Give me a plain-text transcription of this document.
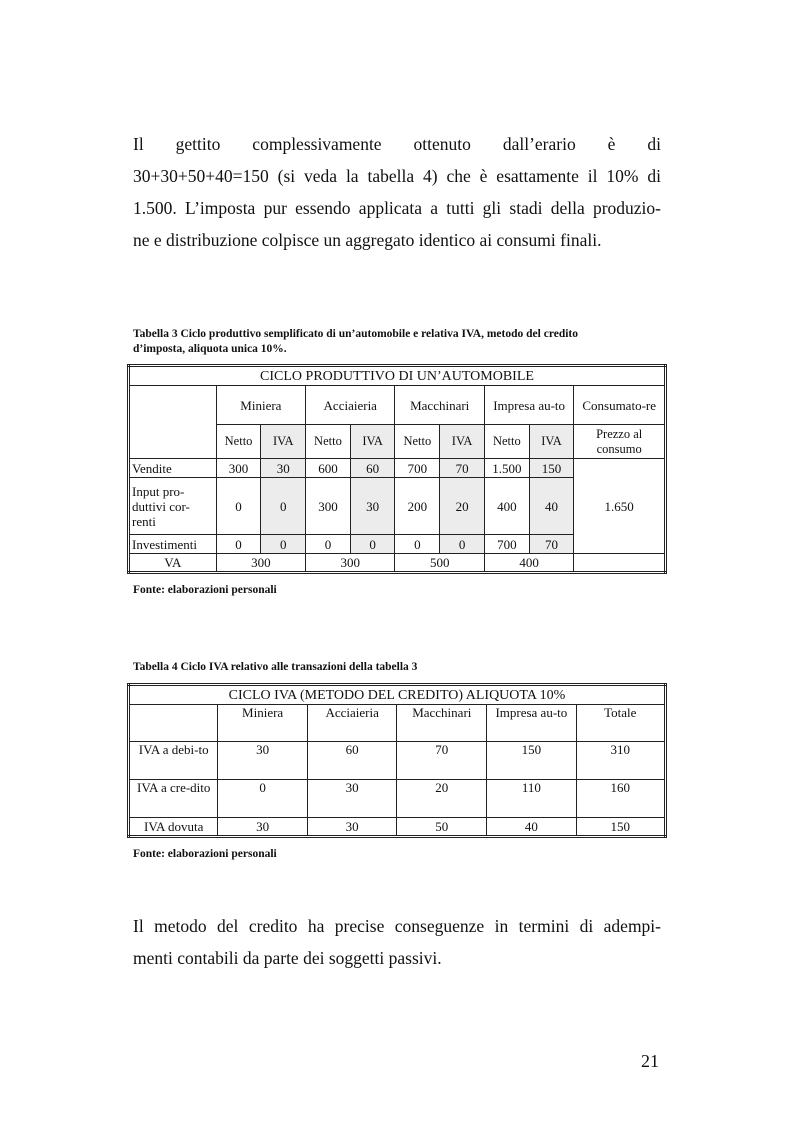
Il gettito complessivamente ottenuto dall’erario è di
30+30+50+40=150 (si veda la tabella 4) che è esattamente il 10% di
1.500. L’imposta pur essendo applicata a tutti gli stadi della produzio-
ne e distribuzione colpisce un aggregato identico ai consumi finali.
Tabella 3 Ciclo produttivo semplificato di un’automobile e relativa IVA, metodo del credito
d’imposta, aliquota unica 10%.
CICLO PRODUTTIVO DI UN’AUTOMOBILE									
	Miniera		Acciaieria		Macchinari		Impresa au-to		Consumato-re
	Netto	IVA	Netto	IVA	Netto	IVA	Netto	IVA	Prezzo al consumo
Vendite	300	30	600	60	700	70	1.500	150	1.650
Input pro-duttivi cor-renti	0	0	300	30	200	20	400	40	
Investimenti	0	0	0	0	0	0	700	70	
VA	300		300		500		400		
Fonte: elaborazioni personali
Tabella 4 Ciclo IVA relativo alle transazioni della tabella 3
CICLO IVA (METODO DEL CREDITO) ALIQUOTA 10%					
	Miniera	Acciaieria	Macchinari	Impresa au-to	Totale
IVA a debi-to	30	60	70	150	310
IVA a cre-dito	0	30	20	110	160
IVA dovuta	30	30	50	40	150
Fonte: elaborazioni personali
Il metodo del credito ha precise conseguenze in termini di adempi-
menti contabili da parte dei soggetti passivi.
21
